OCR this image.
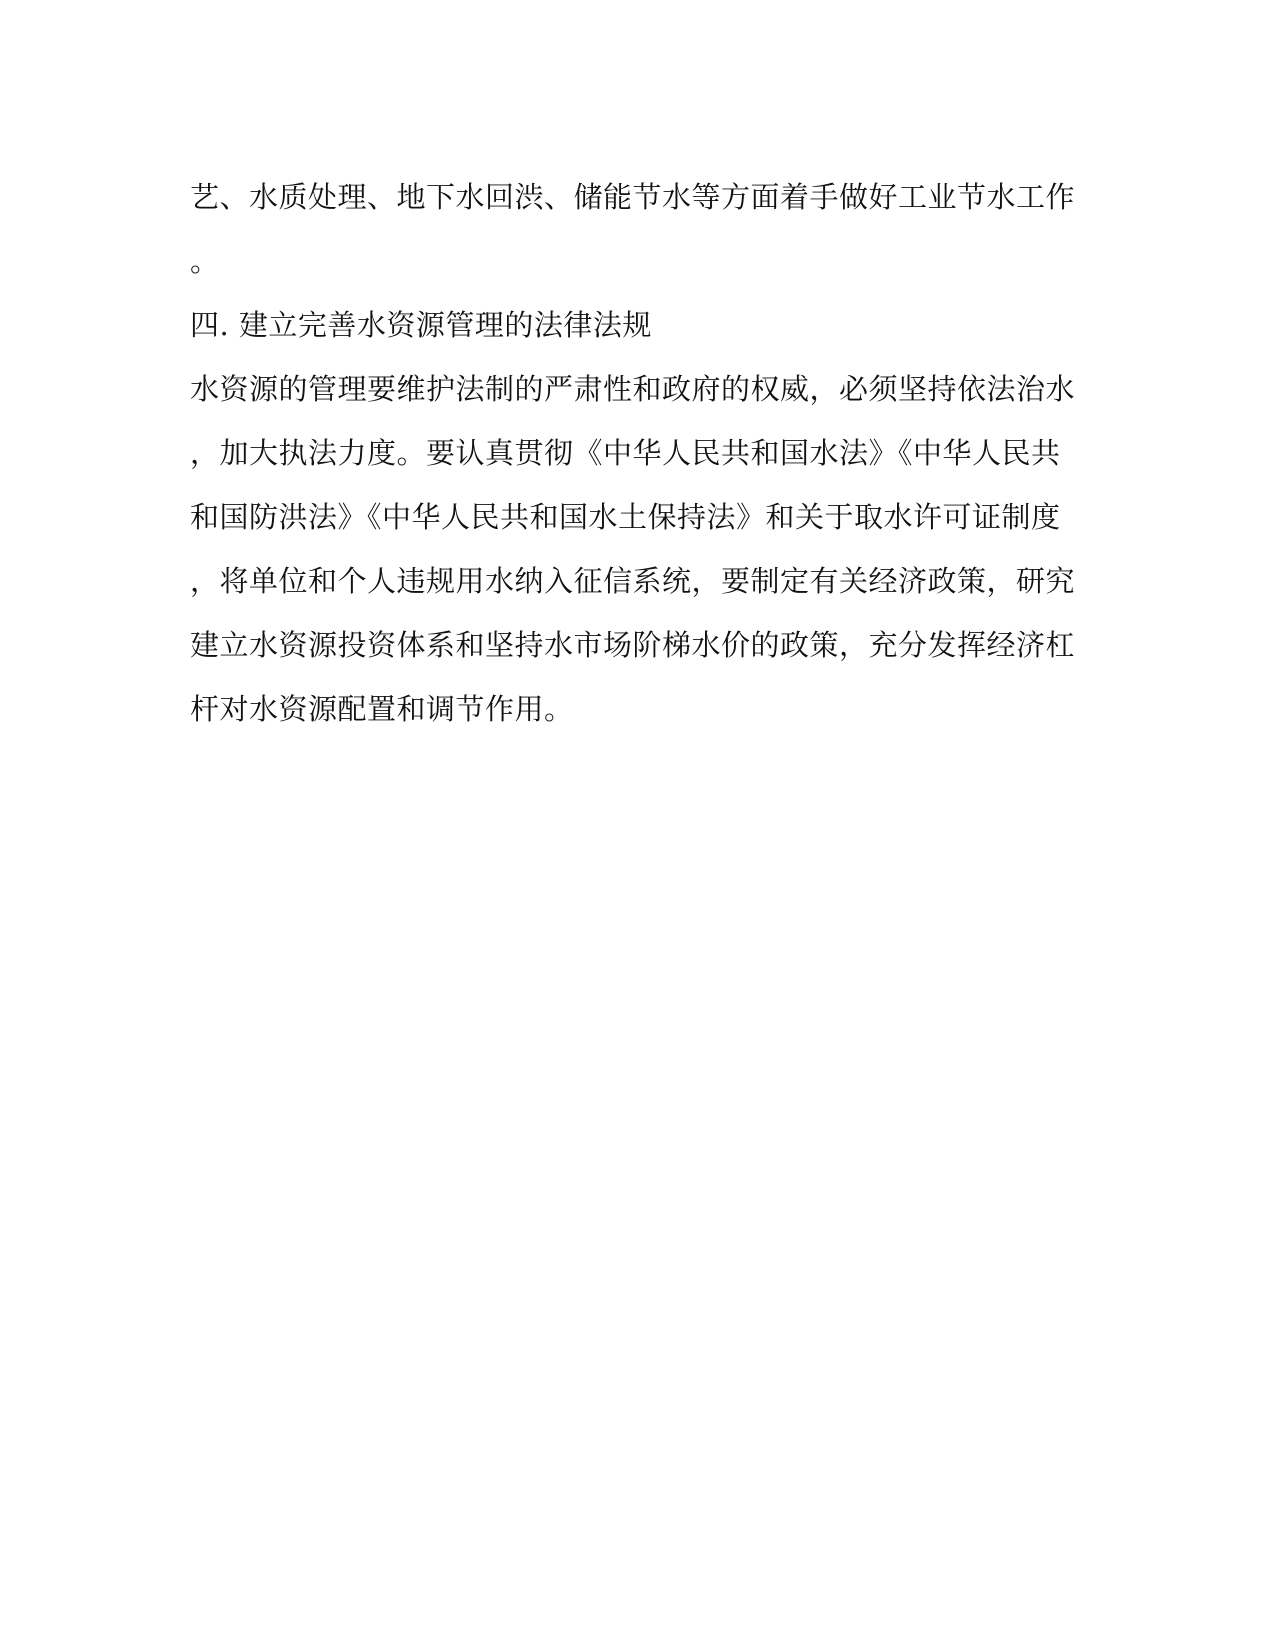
艺、水质处理、地下水回渋、储能节水等方面着手做好工业节水工作
。
四. 建立完善水资源管理的法律法规
水资源的管理要维护法制的严肃性和政府的权威，必须坚持依法治水
，加大执法力度。要认真贯彻《中华人民共和国水法》《中华人民共
和国防洪法》《中华人民共和国水土保持法》和关于取水许可证制度
，将单位和个人违规用水纳入征信系统，要制定有关经济政策，研究
建立水资源投资体系和坚持水市场阶梯水价的政策，充分发挥经济杠
杆对水资源配置和调节作用。
